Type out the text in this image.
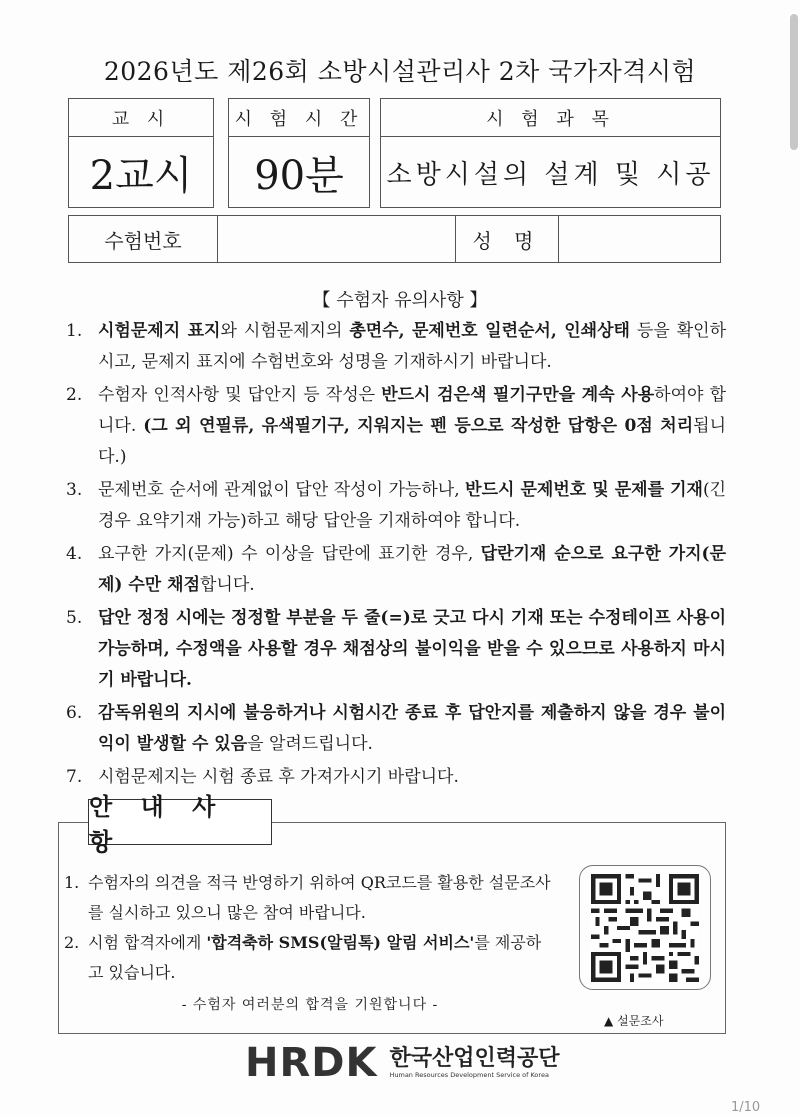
2026년도 제26회 소방시설관리사 2차 국가자격시험
교 시
2교시
시 험 시 간
90분
시 험 과 목
소방시설의 설계 및 시공
수험번호	성 명
【 수험자 유의사항 】
1. 시험문제지 표지와 시험문제지의 총면수, 문제번호 일련순서, 인쇄상태 등을 확인하시고, 문제지 표지에 수험번호와 성명을 기재하시기 바랍니다.
2. 수험자 인적사항 및 답안지 등 작성은 반드시 검은색 필기구만을 계속 사용하여야 합니다. (그 외 연필류, 유색필기구, 지워지는 펜 등으로 작성한 답항은 0점 처리됩니다.)
3. 문제번호 순서에 관계없이 답안 작성이 가능하나, 반드시 문제번호 및 문제를 기재(긴 경우 요약기재 가능)하고 해당 답안을 기재하여야 합니다.
4. 요구한 가지(문제) 수 이상을 답란에 표기한 경우, 답란기재 순으로 요구한 가지(문제) 수만 채점합니다.
5. 답안 정정 시에는 정정할 부분을 두 줄(=)로 긋고 다시 기재 또는 수정테이프 사용이 가능하며, 수정액을 사용할 경우 채점상의 불이익을 받을 수 있으므로 사용하지 마시기 바랍니다.
6. 감독위원의 지시에 불응하거나 시험시간 종료 후 답안지를 제출하지 않을 경우 불이익이 발생할 수 있음을 알려드립니다.
7. 시험문제지는 시험 종료 후 가져가시기 바랍니다.
안 내 사 항
1. 수험자의 의견을 적극 반영하기 위하여 QR코드를 활용한 설문조사를 실시하고 있으니 많은 참여 바랍니다.
2. 시험 합격자에게 '합격축하 SMS(알림톡) 알림 서비스'를 제공하고 있습니다.
- 수험자 여러분의 합격을 기원합니다 -
▲ 설문조사
HRDK 한국산업인력공단
Human Resources Development Service of Korea
1/10
